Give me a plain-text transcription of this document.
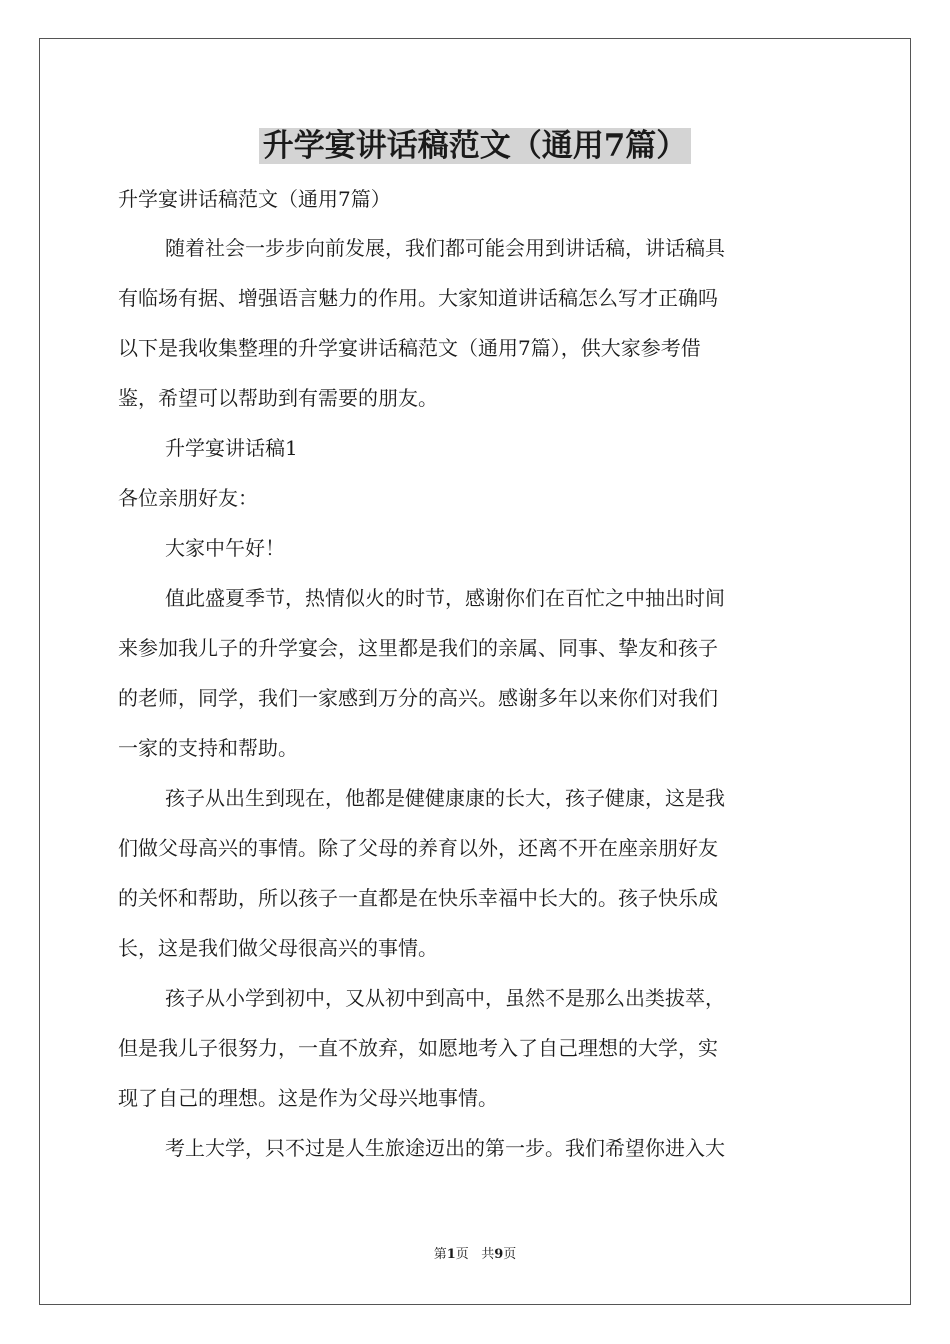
升学宴讲话稿范文（通用7篇）
升学宴讲话稿范文（通用7篇）
随着社会一步步向前发展，我们都可能会用到讲话稿，讲话稿具
有临场有据、增强语言魅力的作用。大家知道讲话稿怎么写才正确吗
以下是我收集整理的升学宴讲话稿范文（通用7篇），供大家参考借
鉴，希望可以帮助到有需要的朋友。
升学宴讲话稿1
各位亲朋好友：
大家中午好！
值此盛夏季节，热情似火的时节，感谢你们在百忙之中抽出时间
来参加我儿子的升学宴会，这里都是我们的亲属、同事、挚友和孩子
的老师，同学，我们一家感到万分的高兴。感谢多年以来你们对我们
一家的支持和帮助。
孩子从出生到现在，他都是健健康康的长大，孩子健康，这是我
们做父母高兴的事情。除了父母的养育以外，还离不开在座亲朋好友
的关怀和帮助，所以孩子一直都是在快乐幸福中长大的。孩子快乐成
长，这是我们做父母很高兴的事情。
孩子从小学到初中，又从初中到高中，虽然不是那么出类拔萃，
但是我儿子很努力，一直不放弃，如愿地考入了自己理想的大学，实
现了自己的理想。这是作为父母兴地事情。
考上大学，只不过是人生旅途迈出的第一步。我们希望你进入大
第1页 共9页
